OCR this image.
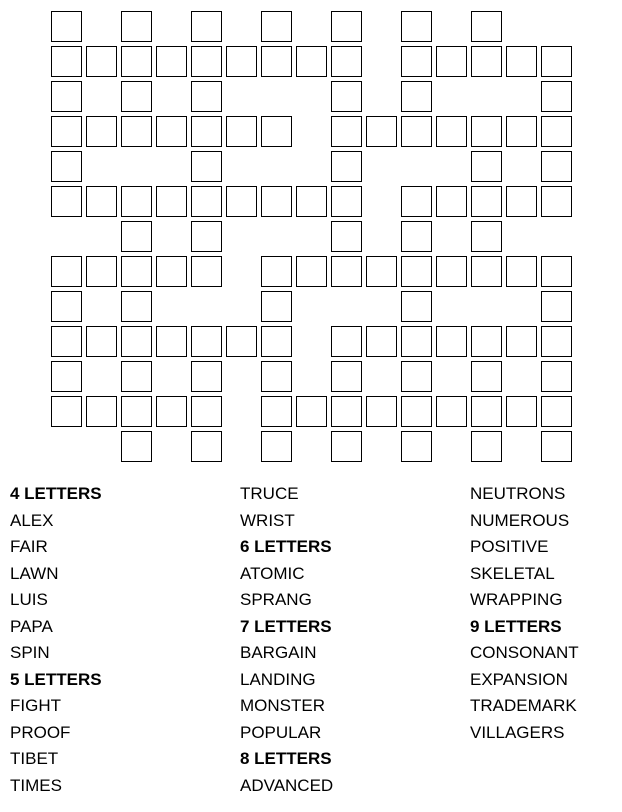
4 LETTERS
ALEX
FAIR
LAWN
LUIS
PAPA
SPIN
5 LETTERS
FIGHT
PROOF
TIBET
TIMES
TRUCE
WRIST
6 LETTERS
ATOMIC
SPRANG
7 LETTERS
BARGAIN
LANDING
MONSTER
POPULAR
8 LETTERS
ADVANCED
NEUTRONS
NUMEROUS
POSITIVE
SKELETAL
WRAPPING
9 LETTERS
CONSONANT
EXPANSION
TRADEMARK
VILLAGERS
